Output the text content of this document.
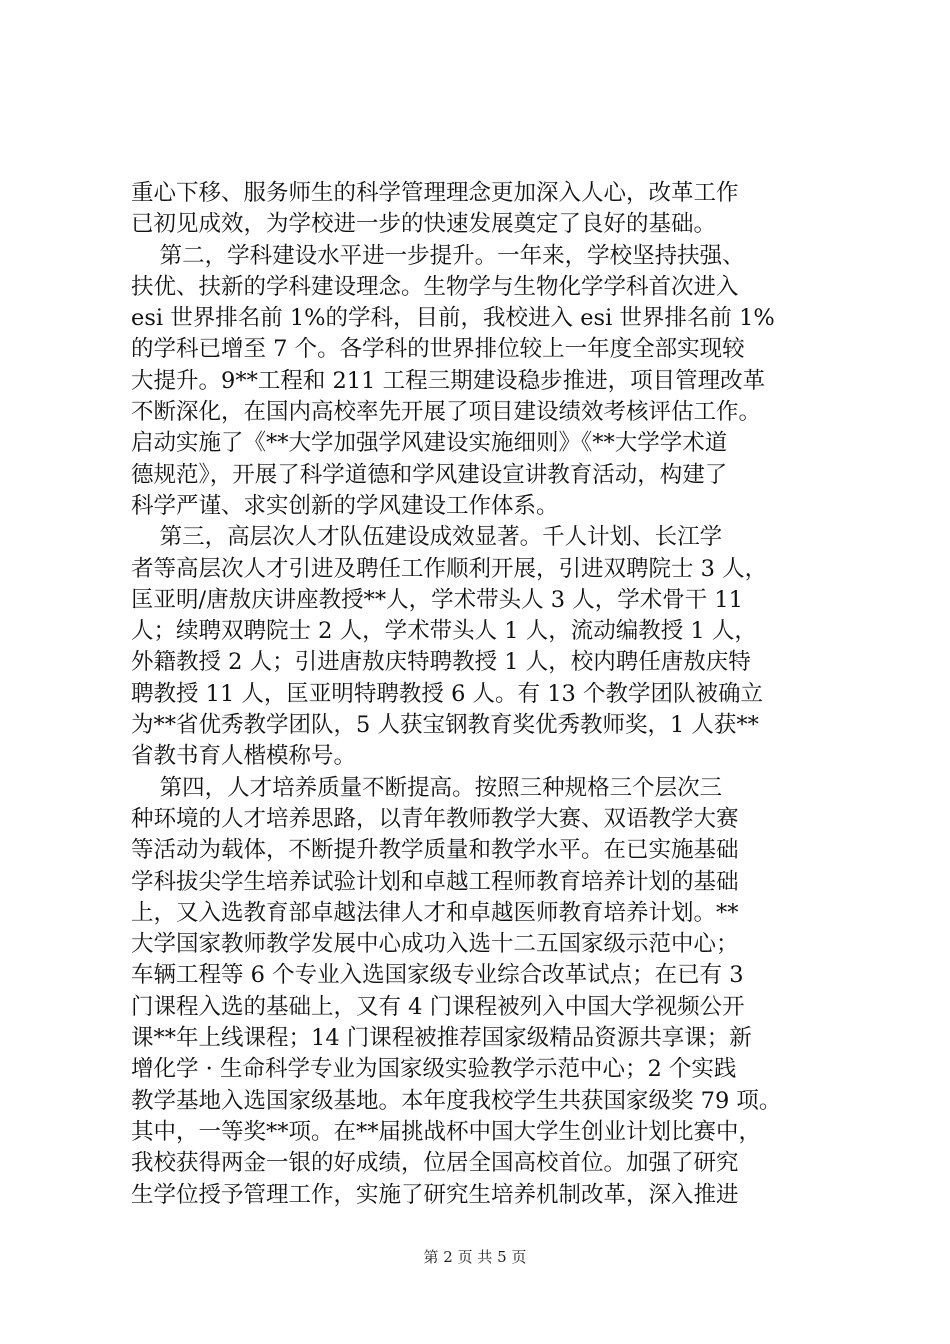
重心下移、服务师生的科学管理理念更加深入人心，改革工作
已初见成效，为学校进一步的快速发展奠定了良好的基础。
第二，学科建设水平进一步提升。一年来，学校坚持扶强、
扶优、扶新的学科建设理念。生物学与生物化学学科首次进入
esi 世界排名前 1%的学科，目前，我校进入 esi 世界排名前 1%
的学科已增至 7 个。各学科的世界排位较上一年度全部实现较
大提升。9**工程和 211 工程三期建设稳步推进，项目管理改革
不断深化，在国内高校率先开展了项目建设绩效考核评估工作。
启动实施了《**大学加强学风建设实施细则》《**大学学术道
德规范》，开展了科学道德和学风建设宣讲教育活动，构建了
科学严谨、求实创新的学风建设工作体系。
第三，高层次人才队伍建设成效显著。千人计划、长江学
者等高层次人才引进及聘任工作顺利开展，引进双聘院士 3 人，
匡亚明/唐敖庆讲座教授**人，学术带头人 3 人，学术骨干 11
人；续聘双聘院士 2 人，学术带头人 1 人，流动编教授 1 人，
外籍教授 2 人；引进唐敖庆特聘教授 1 人，校内聘任唐敖庆特
聘教授 11 人，匡亚明特聘教授 6 人。有 13 个教学团队被确立
为**省优秀教学团队，5 人获宝钢教育奖优秀教师奖，1 人获**
省教书育人楷模称号。
第四，人才培养质量不断提高。按照三种规格三个层次三
种环境的人才培养思路，以青年教师教学大赛、双语教学大赛
等活动为载体，不断提升教学质量和教学水平。在已实施基础
学科拔尖学生培养试验计划和卓越工程师教育培养计划的基础
上，又入选教育部卓越法律人才和卓越医师教育培养计划。**
大学国家教师教学发展中心成功入选十二五国家级示范中心；
车辆工程等 6 个专业入选国家级专业综合改革试点；在已有 3
门课程入选的基础上，又有 4 门课程被列入中国大学视频公开
课**年上线课程；14 门课程被推荐国家级精品资源共享课；新
增化学 · 生命科学专业为国家级实验教学示范中心；2 个实践
教学基地入选国家级基地。本年度我校学生共获国家级奖 79 项。
其中，一等奖**项。在**届挑战杯中国大学生创业计划比赛中，
我校获得两金一银的好成绩，位居全国高校首位。加强了研究
生学位授予管理工作，实施了研究生培养机制改革，深入推进
第 2 页 共 5 页
